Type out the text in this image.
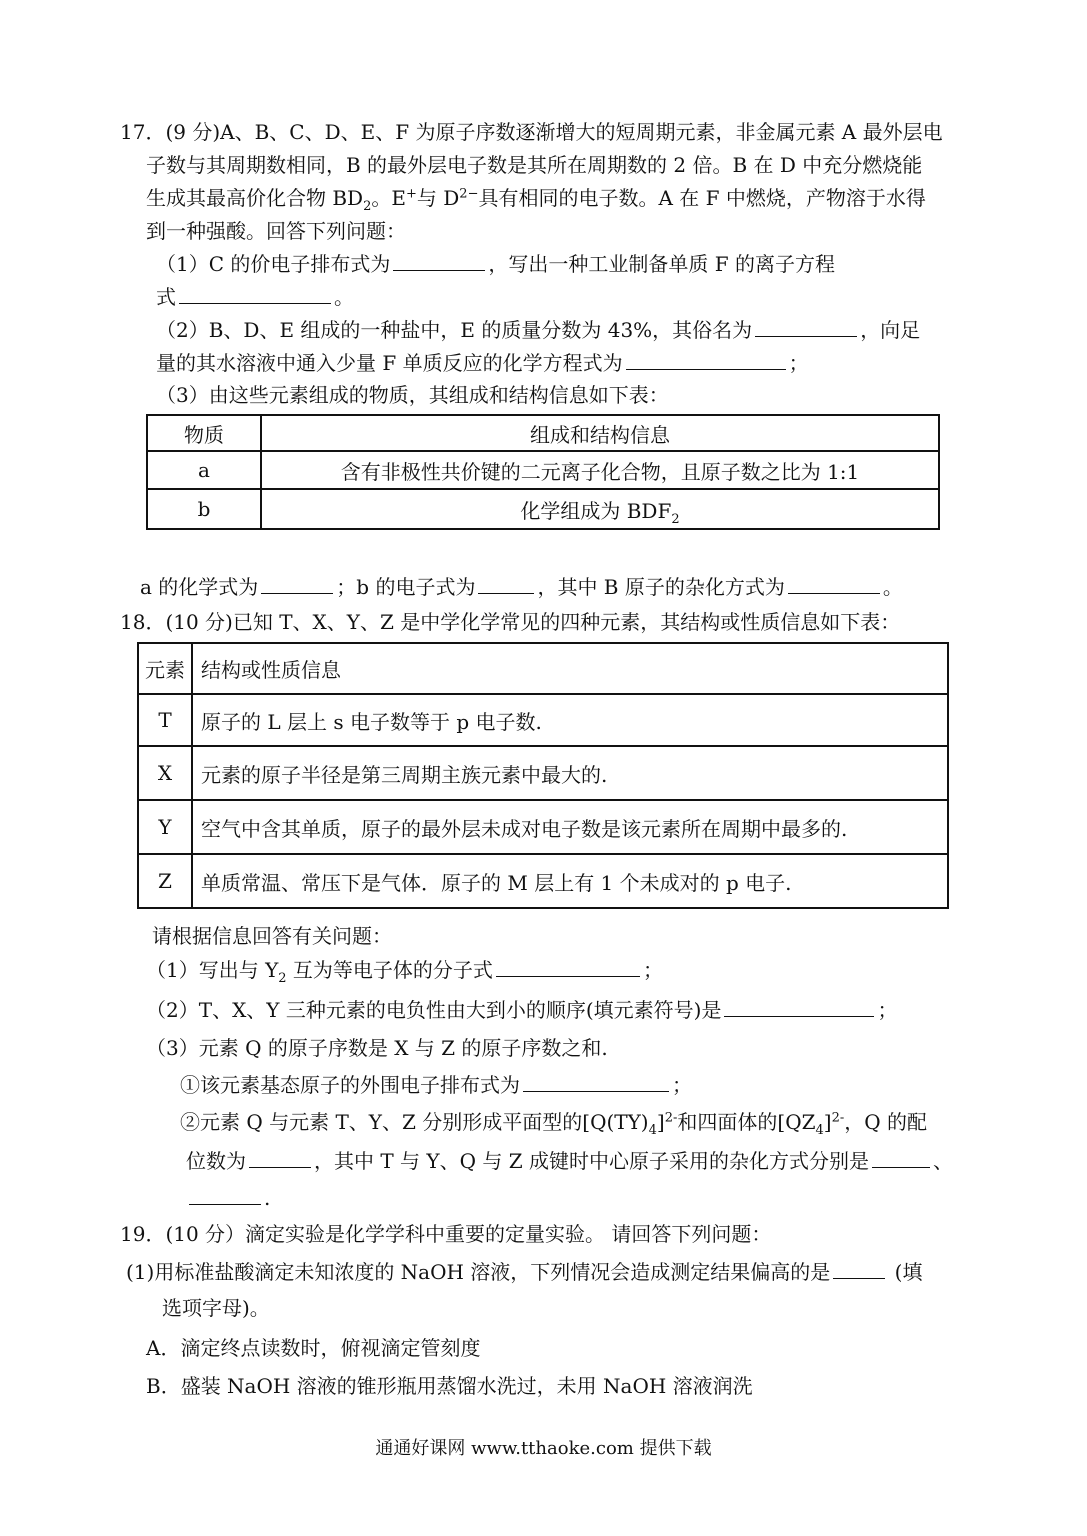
17．(9 分)A、B、C、D、E、F 为原子序数逐渐增大的短周期元素，非金属元素 A 最外层电
子数与其周期数相同，B 的最外层电子数是其所在周期数的 2 倍。B 在 D 中充分燃烧能
生成其最高价化合物 $BD_2$。E+与 $D^{2-}$具有相同的电子数。A 在 F 中燃烧，产物溶于水得
到一种强酸。回答下列问题：
（1）C 的价电子排布式为	，写出一种工业制备单质 F 的离子方程
式	。
（2）B、D、E 组成的一种盐中，E 的质量分数为 43%，其俗名为	，向足
量的其水溶液中通入少量 F 单质反应的化学方程式为	；
（3）由这些元素组成的物质，其组成和结构信息如下表：
物质	组成和结构信息
a	含有非极性共价键的二元离子化合物，且原子数之比为 1:1
b	化学组成为 $BDF_2$
a 的化学式为	；b 的电子式为	，其中 B 原子的杂化方式为	。
18．(10 分)已知 T、X、Y、Z 是中学化学常见的四种元素，其结构或性质信息如下表：
元素	结构或性质信息
T	原子的 L 层上 s 电子数等于 p 电子数.
X	元素的原子半径是第三周期主族元素中最大的.
Y	空气中含其单质，原子的最外层未成对电子数是该元素所在周期中最多的.
Z	单质常温、常压下是气体．原子的 M 层上有 1 个未成对的 p 电子.
请根据信息回答有关问题：
（1）写出与 $Y_2$ 互为等电子体的分子式	；
（2）T、X、Y 三种元素的电负性由大到小的顺序(填元素符号)是	；
（3）元素 Q 的原子序数是 X 与 Z 的原子序数之和.
①该元素基态原子的外围电子排布式为	；
②元素 Q 与元素 T、Y、Z 分别形成平面型的$[Q(TY)_4]^{2-}$和四面体的$[QZ_4]^{2-}$，Q 的配
位数为	，其中 T 与 Y、Q 与 Z 成键时中心原子采用的杂化方式分别是	、
.
19．(10 分）滴定实验是化学学科中重要的定量实验。 请回答下列问题：
(1)用标准盐酸滴定未知浓度的 NaOH 溶液，下列情况会造成测定结果偏高的是	(填
选项字母)。
A．滴定终点读数时，俯视滴定管刻度
B．盛装 NaOH 溶液的锥形瓶用蒸馏水洗过，未用 NaOH 溶液润洗
通通好课网 www.tthaoke.com 提供下载
